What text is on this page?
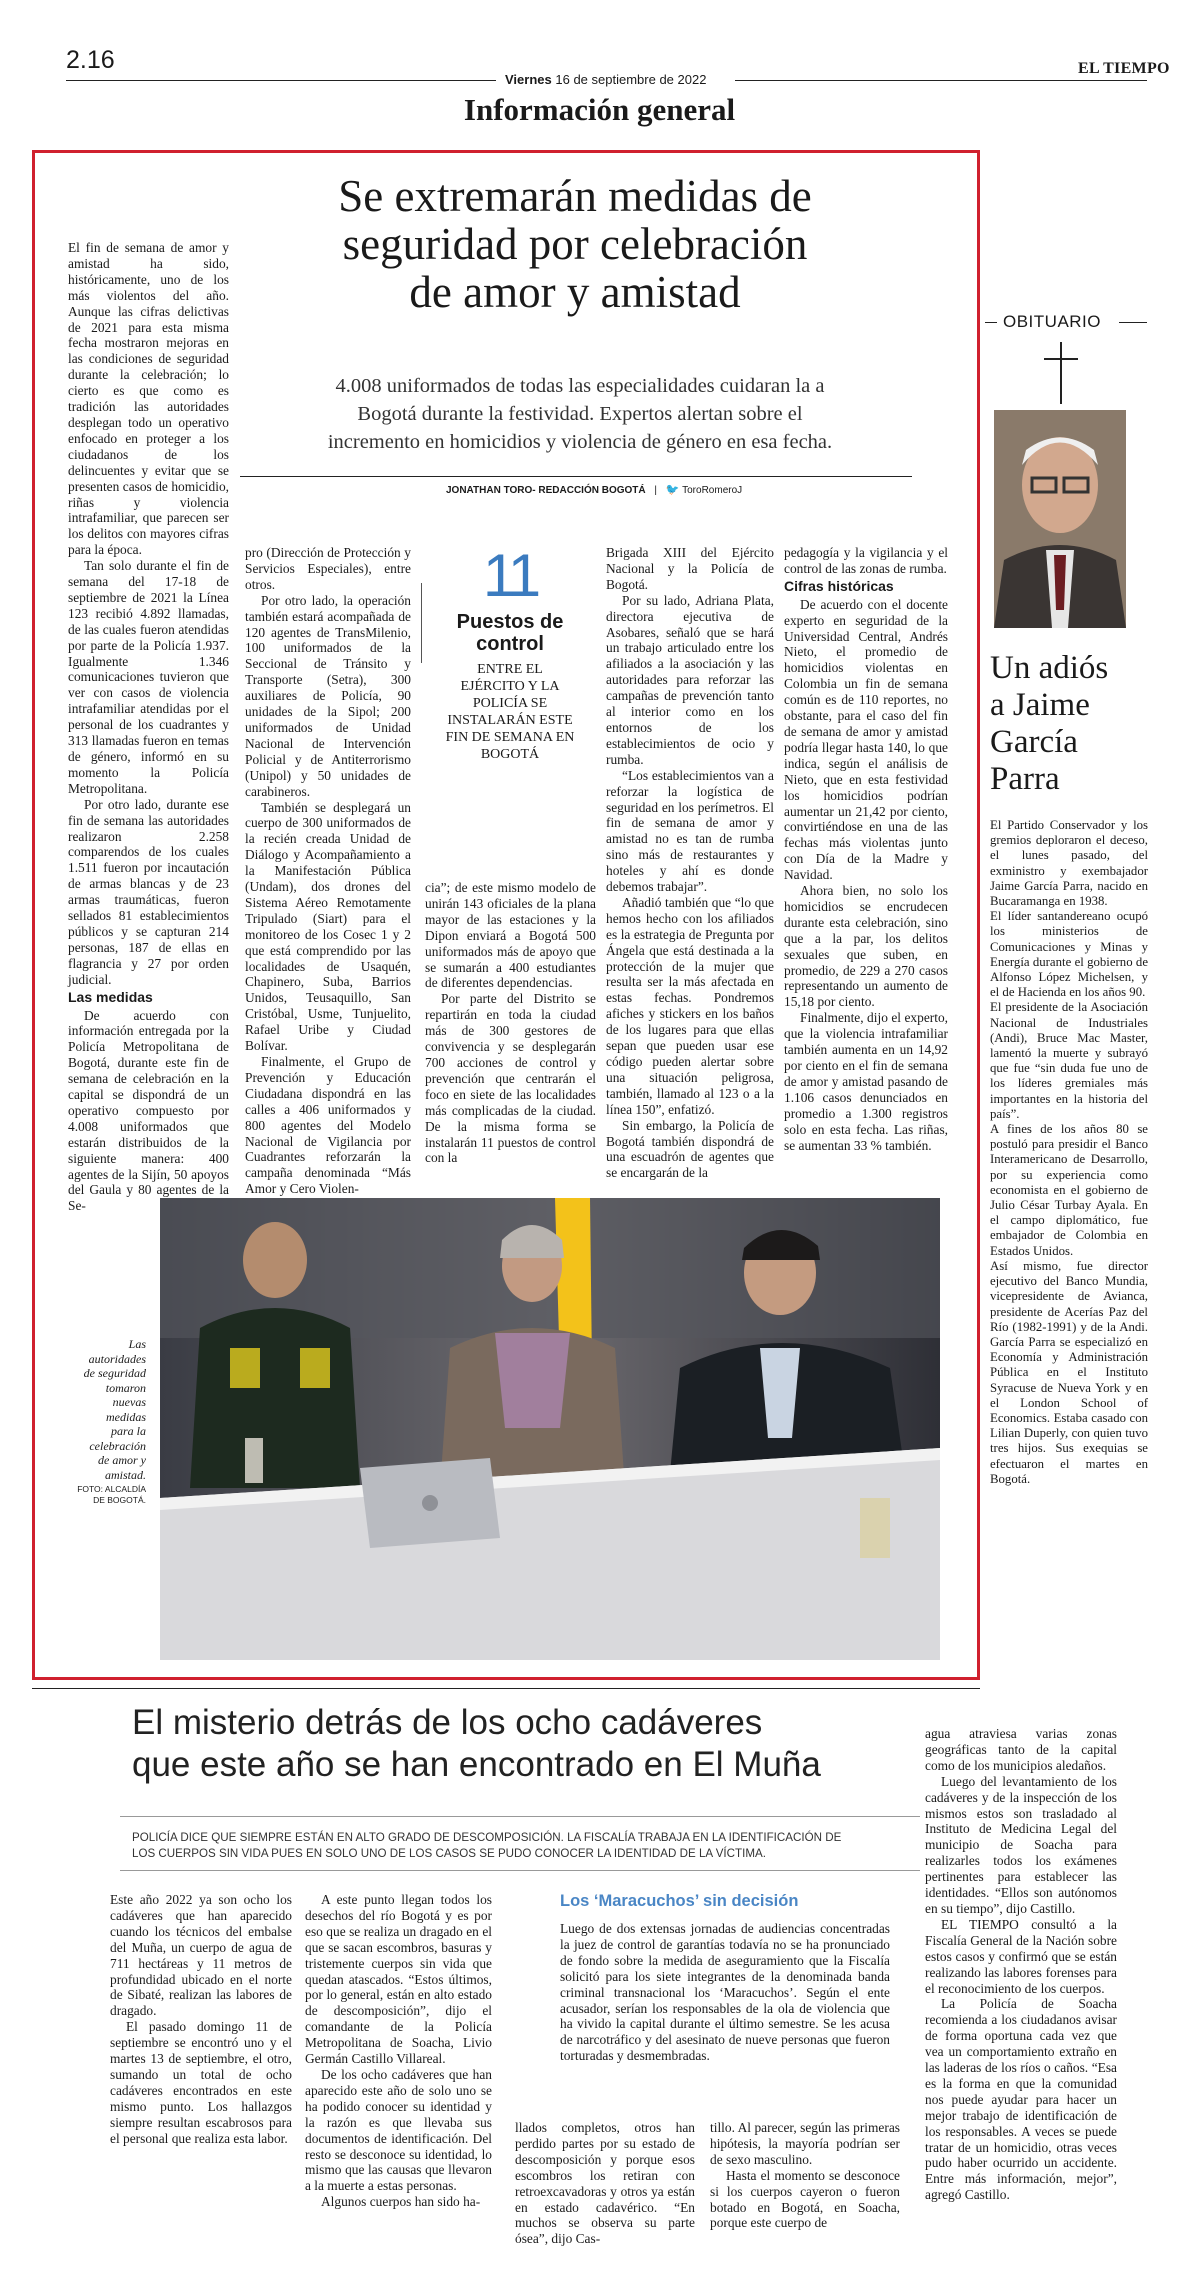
2.16
Viernes 16 de septiembre de 2022
EL TIEMPO
Información general
Se extremarán medidas de
seguridad por celebración
de amor y amistad
4.008 uniformados de todas las especialidades cuidaran la a
Bogotá durante la festividad. Expertos alertan sobre el
incremento en homicidios y violencia de género en esa fecha.
JONATHAN TORO- REDACCIÓN BOGOTÁ | 🐦 ToroRomeroJ

El fin de semana de amor y amistad ha sido, históricamente, uno de los más violentos del año. Aunque las cifras delictivas de 2021 para esta misma fecha mostraron mejoras en las condiciones de seguridad durante la celebración; lo cierto es que como es tradición las autoridades desplegan todo un operativo enfocado en proteger a los ciudadanos de los delincuentes y evitar que se presenten casos de homicidio, riñas y violencia intrafamiliar, que parecen ser los delitos con mayores cifras para la época.

Tan solo durante el fin de semana del 17-18 de septiembre de 2021 la Línea 123 recibió 4.892 llamadas, de las cuales fueron atendidas por parte de la Policía 1.937. Igualmente 1.346 comunicaciones tuvieron que ver con casos de violencia intrafamiliar atendidas por el personal de los cuadrantes y 313 llamadas fueron en temas de género, informó en su momento la Policía Metropolitana.

Por otro lado, durante ese fin de semana las autoridades realizaron 2.258 comparendos de los cuales 1.511 fueron por incautación de armas blancas y de 23 armas traumáticas, fueron sellados 81 establecimientos públicos y se capturan 214 personas, 187 de ellas en flagrancia y 27 por orden judicial.

Las medidas

De acuerdo con información entregada por la Policía Metropolitana de Bogotá, durante este fin de semana de celebración en la capital se dispondrá de un operativo compuesto por 4.008 uniformados que estarán distribuidos de la siguiente manera: 400 agentes de la Sijín, 50 apoyos del Gaula y 80 agentes de la Se-

pro (Dirección de Protección y Servicios Especiales), entre otros.

Por otro lado, la operación también estará acompañada de 120 agentes de TransMilenio, 100 uniformados de la Seccional de Tránsito y Transporte (Setra), 300 auxiliares de Policía, 90 unidades de la Sipol; 200 uniformados de Unidad Nacional de Intervención Policial y de Antiterrorismo (Unipol) y 50 unidades de carabineros.

También se desplegará un cuerpo de 300 uniformados de la recién creada Unidad de Diálogo y Acompañamiento a la Manifestación Pública (Undam), dos drones del Sistema Aéreo Remotamente Tripulado (Siart) para el monitoreo de los Cosec 1 y 2 que está comprendido por las localidades de Usaquén, Chapinero, Suba, Barrios Unidos, Teusaquillo, San Cristóbal, Usme, Tunjuelito, Rafael Uribe y Ciudad Bolívar.

Finalmente, el Grupo de Prevención y Educación Ciudadana dispondrá en las calles a 406 uniformados y 800 agentes del Modelo Nacional de Vigilancia por Cuadrantes reforzarán la campaña denominada “Más Amor y Cero Violen-

11
Puestos de
control
ENTRE EL
EJÉRCITO Y LA
POLICÍA SE
INSTALARÁN ESTE
FIN DE SEMANA EN
BOGOTÁ

cia”; de este mismo modelo de unirán 143 oficiales de la plana mayor de las estaciones y la Dipon enviará a Bogotá 500 uniformados más de apoyo que se sumarán a 400 estudiantes de diferentes dependencias.

Por parte del Distrito se repartirán en toda la ciudad más de 300 gestores de convivencia y se desplegarán 700 acciones de control y prevención que centrarán el foco en siete de las localidades más complicadas de la ciudad. De la misma forma se instalarán 11 puestos de control con la

Brigada XIII del Ejército Nacional y la Policía de Bogotá.

Por su lado, Adriana Plata, directora ejecutiva de Asobares, señaló que se hará un trabajo articulado entre los afiliados a la asociación y las autoridades para reforzar las campañas de prevención tanto al interior como en los entornos de los establecimientos de ocio y rumba.

“Los establecimientos van a reforzar la logística de seguridad en los perímetros. El fin de semana de amor y amistad no es tan de rumba sino más de restaurantes y hoteles y ahí es donde debemos trabajar”.

Añadió también que “lo que hemos hecho con los afiliados es la estrategia de Pregunta por Ángela que está destinada a la protección de la mujer que resulta ser la más afectada en estas fechas. Pondremos afiches y stickers en los baños de los lugares para que ellas sepan que pueden usar ese código pueden alertar sobre una situación peligrosa, también, llamado al 123 o a la línea 150”, enfatizó.

Sin embargo, la Policía de Bogotá también dispondrá de una escuadrón de agentes que se encargarán de la

pedagogía y la vigilancia y el control de las zonas de rumba.

Cifras históricas

De acuerdo con el docente experto en seguridad de la Universidad Central, Andrés Nieto, el promedio de homicidios violentas en Colombia un fin de semana común es de 110 reportes, no obstante, para el caso del fin de semana de amor y amistad podría llegar hasta 140, lo que indica, según el análisis de Nieto, que en esta festividad los homicidios podrían aumentar un 21,42 por ciento, convirtiéndose en una de las fechas más violentas junto con Día de la Madre y Navidad.

Ahora bien, no solo los homicidios se encrudecen durante esta celebración, sino que a la par, los delitos sexuales que suben, en promedio, de 229 a 270 casos representando un aumento de 15,18 por ciento.

Finalmente, dijo el experto, que la violencia intrafamiliar también aumenta en un 14,92 por ciento en el fin de semana de amor y amistad pasando de 1.106 casos denunciados en promedio a 1.300 registros solo en esta fecha. Las riñas, se aumentan 33 % también.

Las
autoridades
de seguridad
tomaron
nuevas
medidas
para la
celebración
de amor y
amistad.
FOTO: ALCALDÍA
DE BOGOTÁ.
OBITUARIO
Un adiós
a Jaime
García
Parra

El Partido Conservador y los gremios deploraron el deceso, el lunes pasado, del exministro y exembajador Jaime García Parra, nacido en Bucaramanga en 1938.

El líder santandereano ocupó los ministerios de Comunicaciones y Minas y Energía durante el gobierno de Alfonso López Michelsen, y el de Hacienda en los años 90.

El presidente de la Asociación Nacional de Industriales (Andi), Bruce Mac Master, lamentó la muerte y subrayó que fue “sin duda fue uno de los líderes gremiales más importantes en la historia del país”.

A fines de los años 80 se postuló para presidir el Banco Interamericano de Desarrollo, por su experiencia como economista en el gobierno de Julio César Turbay Ayala. En el campo diplomático, fue embajador de Colombia en Estados Unidos.

Así mismo, fue director ejecutivo del Banco Mundia, vicepresidente de Avianca, presidente de Acerías Paz del Río (1982-1991) y de la Andi. García Parra se especializó en Economía y Administración Pública en el Instituto Syracuse de Nueva York y en el London School of Economics. Estaba casado con Lilian Duperly, con quien tuvo tres hijos. Sus exequias se efectuaron el martes en Bogotá.

El misterio detrás de los ocho cadáveres
que este año se han encontrado en El Muña
POLICÍA DICE QUE SIEMPRE ESTÁN EN ALTO GRADO DE DESCOMPOSICIÓN. LA FISCALÍA TRABAJA EN LA IDENTIFICACIÓN DE
LOS CUERPOS SIN VIDA PUES EN SOLO UNO DE LOS CASOS SE PUDO CONOCER LA IDENTIDAD DE LA VÍCTIMA.

Este año 2022 ya son ocho los cadáveres que han aparecido cuando los técnicos del embalse del Muña, un cuerpo de agua de 711 hectáreas y 11 metros de profundidad ubicado en el norte de Sibaté, realizan las labores de dragado.

El pasado domingo 11 de septiembre se encontró uno y el martes 13 de septiembre, el otro, sumando un total de ocho cadáveres encontrados en este mismo punto. Los hallazgos siempre resultan escabrosos para el personal que realiza esta labor.

A este punto llegan todos los desechos del río Bogotá y es por eso que se realiza un dragado en el que se sacan escombros, basuras y tristemente cuerpos sin vida que quedan atascados. “Estos últimos, por lo general, están en alto estado de descomposición”, dijo el comandante de la Policía Metropolitana de Soacha, Livio Germán Castillo Villareal.

De los ocho cadáveres que han aparecido este año de solo uno se ha podido conocer su identidad y la razón es que llevaba sus documentos de identificación. Del resto se desconoce su identidad, lo mismo que las causas que llevaron a la muerte a estas personas.

Algunos cuerpos han sido ha-

Los ‘Maracuchos’ sin decisión
Luego de dos extensas jornadas de audiencias concentradas la juez de control de garantías todavía no se ha pronunciado de fondo sobre la medida de aseguramiento que la Fiscalía solicitó para los siete integrantes de la denominada banda criminal transnacional los ‘Maracuchos’. Según el ente acusador, serían los responsables de la ola de violencia que ha vivido la capital durante el último semestre. Se les acusa de narcotráfico y del asesinato de nueve personas que fueron torturadas y desmembradas.

llados completos, otros han perdido partes por su estado de descomposición y porque esos escombros los retiran con retroexcavadoras y otros ya están en estado cadavérico. “En muchos se observa su parte ósea”, dijo Cas-

tillo. Al parecer, según las primeras hipótesis, la mayoría podrían ser de sexo masculino.

Hasta el momento se desconoce si los cuerpos cayeron o fueron botado en Bogotá, en Soacha, porque este cuerpo de

agua atraviesa varias zonas geográficas tanto de la capital como de los municipios aledaños.

Luego del levantamiento de los cadáveres y de la inspección de los mismos estos son trasladado al Instituto de Medicina Legal del municipio de Soacha para realizarles todos los exámenes pertinentes para establecer las identidades. “Ellos son autónomos en su tiempo”, dijo Castillo.

EL TIEMPO consultó a la Fiscalía General de la Nación sobre estos casos y confirmó que se están realizando las labores forenses para el reconocimiento de los cuerpos.

La Policía de Soacha recomienda a los ciudadanos avisar de forma oportuna cada vez que vea un comportamiento extraño en las laderas de los ríos o caños. “Esa es la forma en que la comunidad nos puede ayudar para hacer un mejor trabajo de identificación de los responsables. A veces se puede tratar de un homicidio, otras veces pudo haber ocurrido un accidente. Entre más información, mejor”, agregó Castillo.
